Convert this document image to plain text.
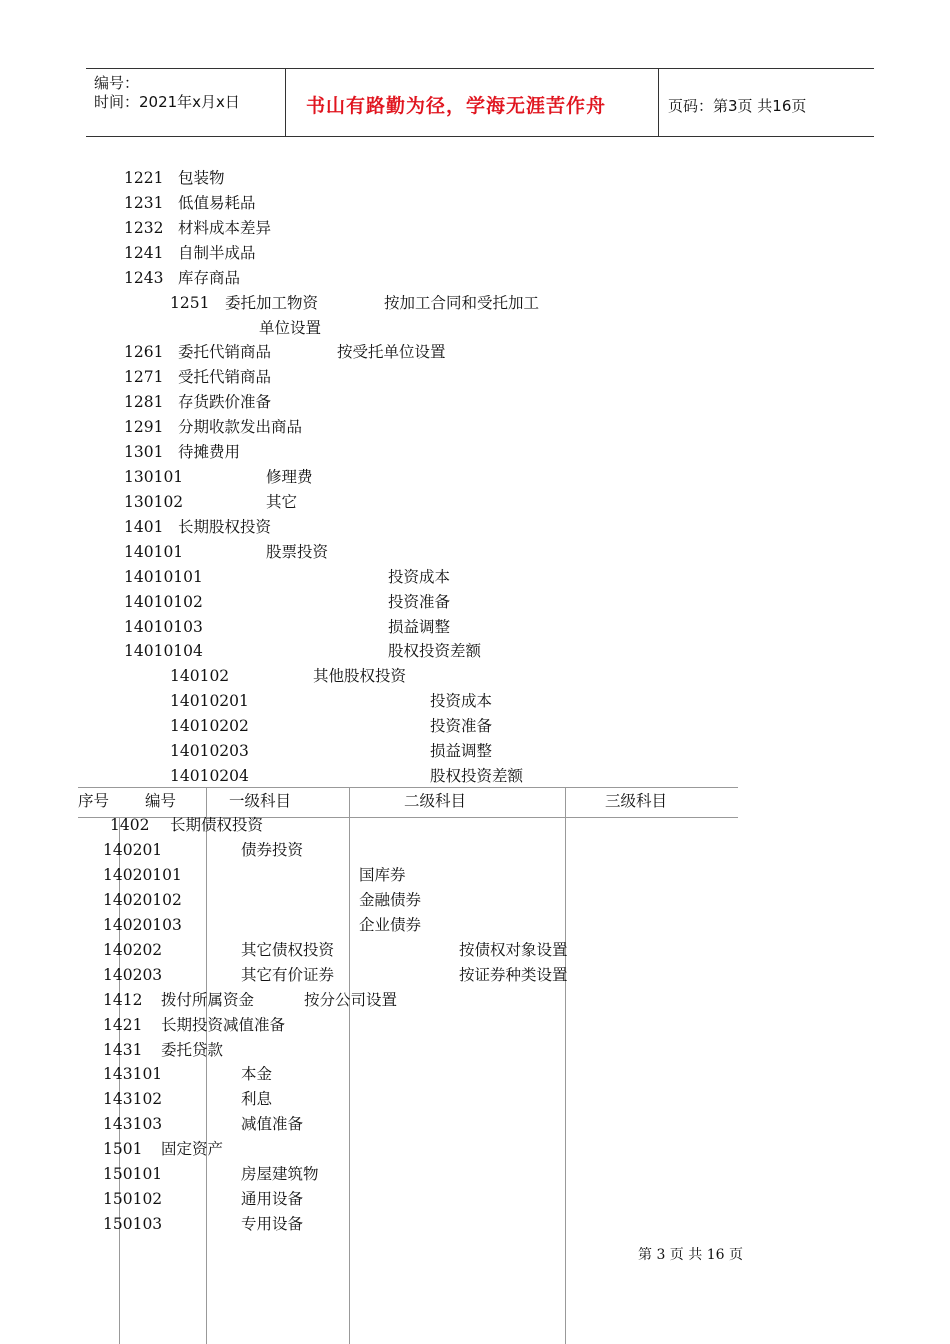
编号：
时间：2021年x月x日	页码：第3页 共16页
书山有路勤为径，学海无涯苦作舟
1221 包装物
1231 低值易耗品
1232 材料成本差异
1241 自制半成品
1243 库存商品
1251 委托加工物资	按加工合同和受托加工
单位设置
1261 委托代销商品	按受托单位设置
1271 受托代销商品
1281 存货跌价准备
1291 分期收款发出商品
1301 待摊费用
130101	修理费
130102	其它
1401 长期股权投资
140101	股票投资
14010101	投资成本
14010102	投资准备
14010103	损益调整
14010104	股权投资差额
140102	其他股权投资
14010201	投资成本
14010202	投资准备
14010203	损益调整
14010204	股权投资差额
序号 编号	一级科目	二级科目	三级科目
1402 长期债权投资
140201	债券投资
14020101	国库券
14020102	金融债券
14020103	企业债券
140202	其它债权投资	按债权对象设置
140203	其它有价证券	按证券种类设置
1412 拨付所属资金	按分公司设置
1421 长期投资减值准备
1431 委托贷款
143101	本金
143102	利息
143103	减值准备
1501 固定资产
150101	房屋建筑物
150102	通用设备
150103	专用设备
第 3 页 共 16 页
